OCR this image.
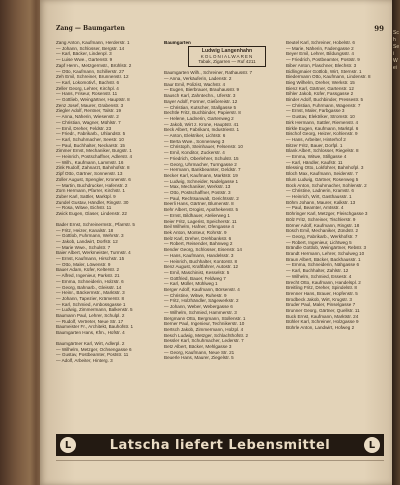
Zang — Baumgarten	99
Zang Anton, Kaufmann, Herderstr. 1
— Johann, Schlosser, Bergstr. 14
— Karl, Bäcker, Lindenpl. 3
— Luise Wwe., Gartenstr. 9
Zapf Herm., Metzgermstr., Brühlstr. 2
— Otto, Kaufmann, Schillerstr. 27
Zeh Emil, Schreiner, Brunnenstr. 12
— Karl, Lokomotivf., Bachstr. 6
Zeller Georg, Lehrer, Kirchpl. 4
— Hans, Friseur, Rosenstr. 11
— Gottlieb, Weingärtner, Hauptstr. 8
Zenz Josef, Maurer, Grabenstr. 3
Ziegler Adolf, Rentner, Talstr. 19
— Anna, Näherin, Wiesenstr. 2
— Christian, Wagner, Mühlstr. 7
— Emil, Dreher, Feldstr. 23
— Friedr., Fabrikarb., Uhlandstr. 5
— Karl, Schuhmacher, Seestr. 10
— Paul, Buchhalter, Neckarstr. 15
Zimmer Ernst, Mechaniker, Burgstr. 1
— Heinrich, Postschaffner, Adlerstr. 4
— Wilh., Kaufmann, Lammstr. 16
Zink Rudolf, Zahnarzt, Bahnhofstr. 8
Zipf Otto, Gärtner, Sonnenstr. 13
Zoller August, Spengler, Kronenstr. 6
— Martin, Buchdrucker, Hafenstr. 2
Zorn Hermann, Pfarrer, Kirchstr. 1
Zuber Karl, Sattler, Marktpl. 9
Zundel Gustav, Händler, Ringstr. 30
— Rosa, Witwe, Eichstr. 11
Zwick Eugen, Glaser, Lindenstr. 22
Bader Ernst, Schreinermstr., Pfarrstr. 5
— Fritz, Heizer, Kanalstr. 18
— Gottlob, Fuhrmann, Wehrstr. 3
— Jakob, Landwirt, Dorfstr. 12
— Marie Wwe., Schulstr. 7
Baier Albert, Werkmeister, Turmstr. 4
— Ernst, Kaufmann, Hirschstr. 15
— Otto, Maler, Löwenstr. 9
Bauer Adam, Küfer, Kelterstr. 2
— Alfred, Ingenieur, Parkstr. 21
— Emma, Schneiderin, Holzstr. 6
— Georg, Bahnarb., Gleisstr. 14
— Heinr., Bäckermstr., Marktstr. 3
— Johann, Tapezier, Krämerstr. 8
— Karl, Schmied, Ambossgasse 1
— Ludwig, Zimmermann, Balkenstr. 5
Baumann Paul, Lehrer, Schulpl. 2
— Rudolf, Vertreter, Neue Str. 17
Baumeister Fr., Architekt, Bauhofstr. 1
Baumgarten Hans, Kfm., Hofstr. 4
Baumgärtner Karl, Wirt, Adlerpl. 2
— Wilhelm, Metzger, Ochsengasse 6
— Gustav, Postbeamter, Poststr. 11
— Adolf, Arbeiter, Hinterg. 3
Baumgarten
Ludwig Langenhahn
KOLONIALWAREN
Tabak, Zigarren — Ruf 4211
Baumgarten Wilh., Schreiner, Rathausstr. 7
— Anna, Verkäuferin, Ladenstr. 2
Baur Emil, Polizist, Wachstr. 4
— Eugen, Bierbrauer, Brauhausstr. 9
Bausch Karl, Zahntechn., Uferstr. 3
Bayer Adolf, Former, Gießereistr. 12
— Christian, Kutscher, Stallgasse 5
Bechtle Fritz, Buchbinder, Papierstr. 8
— Helene, Ladnerin, Gartenweg 2
— Jakob, Wirt z. Krone, Hauptstr. 41
Beck Albert, Fabrikant, Industriestr. 1
— Anton, Elektriker, Lichtstr. 6
— Berta Wwe., Sonnenweg 3
— Christoph, Steinhauer, Felsenstr. 10
— Emil, Konditor, Zuckerstr. 4
— Friedrich, Oberlehrer, Schulstr. 15
— Georg, Uhrmacher, Turmgasse 2
— Hermann, Bankbeamter, Geldstr. 7
Becker Karl, Kaufmann, Marktstr. 19
— Ludwig, Schneider, Nadelgasse 1
— Max, Mechaniker, Werkstr. 13
— Otto, Postschaffner, Poststr. 3
— Paul, Rechtsanwalt, Gerichtsstr. 2
Beerli Hans, Gärtner, Blumenstr. 8
Behr Albert, Drogist, Apothekenstr. 5
— Ernst, Bildhauer, Atelierweg 1
Beier Fritz, Lagerist, Speicherstr. 11
Beil Wilhelm, Hafner, Ofengasse 4
Bek Anton, Monteur, Rohrstr. 9
Belz Karl, Dreher, Drehbankstr. 6
— Robert, Reisender, Bahnweg 2
Bender Georg, Schlosser, Eisenstr. 14
— Hans, Kaufmann, Handelsstr. 3
— Heinrich, Buchhalter, Kontorstr. 8
Benz August, Kraftfahrer, Autostr. 12
— Emil, Maschinist, Kesselstr. 5
— Gottfried, Bauer, Feldweg 7
— Karl, Müller, Mühlweg 1
Berger Adolf, Kaufmann, Börsenstr. 4
— Christine, Witwe, Ruhestr. 9
— Fritz, Holzhändler, Sägewerkstr. 2
— Johann, Weber, Webergasse 6
— Wilhelm, Schmied, Hammerstr. 3
Bergmann Otto, Bergmann, Stollenstr. 1
Berner Paul, Ingenieur, Technikerstr. 10
Bertsch Jakob, Zimmermann, Holzpl. 4
Besch Ludwig, Metzger, Schlachthofstr. 2
Bessler Karl, Schuhmacher, Lederstr. 7
Betz Albert, Bäcker, Mehlgasse 3
— Georg, Kaufmann, Neue Str. 21
Beuerle Hans, Maurer, Ziegelstr. 5
Beutel Karl, Schreiner, Hobelstr. 6
— Marie, Näherin, Fadengasse 2
Beyer Emil, Lehrer, Bildungsstr. 4
— Friedrich, Postbeamter, Poststr. 9
Biber Anton, Flaschner, Blechstr. 3
Bidlingmaier Gottlob, Wirt, Sternstr. 1
Biedermann Otto, Kaufmann, Lindenstr. 8
Bieg Wilhelm, Dreher, Werkstr. 15
Bienz Karl, Gärtner, Gartenstr. 12
Bihler Jakob, Küfer, Fassgasse 2
Binder Adolf, Buchbinder, Pressestr. 5
— Christian, Fuhrmann, Wagenstr. 7
— Ernst, Maler, Farbgasse 3
— Gustav, Elektriker, Stromstr. 10
Birk Hermann, Sattler, Riemenstr. 4
Birkle Eugen, Kaufmann, Marktpl. 6
Bischof Georg, Heizer, Kohlenstr. 9
— Hans, Arbeiter, Hinterhof 2
Bitzer Fritz, Bauer, Dorfpl. 1
Blank Albert, Schlosser, Riegelstr. 8
— Emma, Witwe, Stillgasse 4
— Karl, Händler, Kaufstr. 11
Blessing Otto, Lokführer, Bahnhofpl. 3
Bloch Max, Kaufmann, Seidenstr. 7
Blum Ludwig, Gärtner, Rosenweg 5
Bock Anton, Schuhmacher, Sohlenstr. 2
— Christine, Ladnerin, Kramstr. 6
— Heinrich, Wirt, Gasthausstr. 1
Böhm Johann, Maurer, Kalkstr. 13
— Paul, Beamter, Amtsstr. 4
Böhringer Karl, Metzger, Fleischgasse 3
Bölz Fritz, Schreiner, Tischlerstr. 9
Börner Adolf, Kaufmann, Ringstr. 18
Bosch Emil, Mechaniker, Zündstr. 2
— Georg, Fabrikarb., Werkhofstr. 7
— Robert, Ingenieur, Lichtweg 5
Brändle Gottlob, Weingärtner, Rebstr. 3
Brandt Hermann, Lehrer, Schulweg 10
Braun Albert, Bäcker, Backhausstr. 1
— Emma, Schneiderin, Nähgasse 6
— Karl, Buchhalter, Zahlstr. 12
— Wilhelm, Schmied, Essestr. 4
Brecht Otto, Kaufmann, Handelspl. 2
Breitling Fritz, Dreher, Spindelstr. 8
Brenner Hans, Brauer, Hopfenstr. 5
Brodbeck Jakob, Wirt, Krugstr. 3
Bruder Paul, Maler, Pinselgasse 7
Brunner Georg, Gärtner, Quellstr. 11
Buck Ernst, Kaufmann, Marktstr. 24
Bühler Karl, Schreiner, Holzgasse 9
Bührle Anton, Landwirt, Hofweg 2
L	Latscha liefert Lebensmittel	L
Sch Sei Wei
